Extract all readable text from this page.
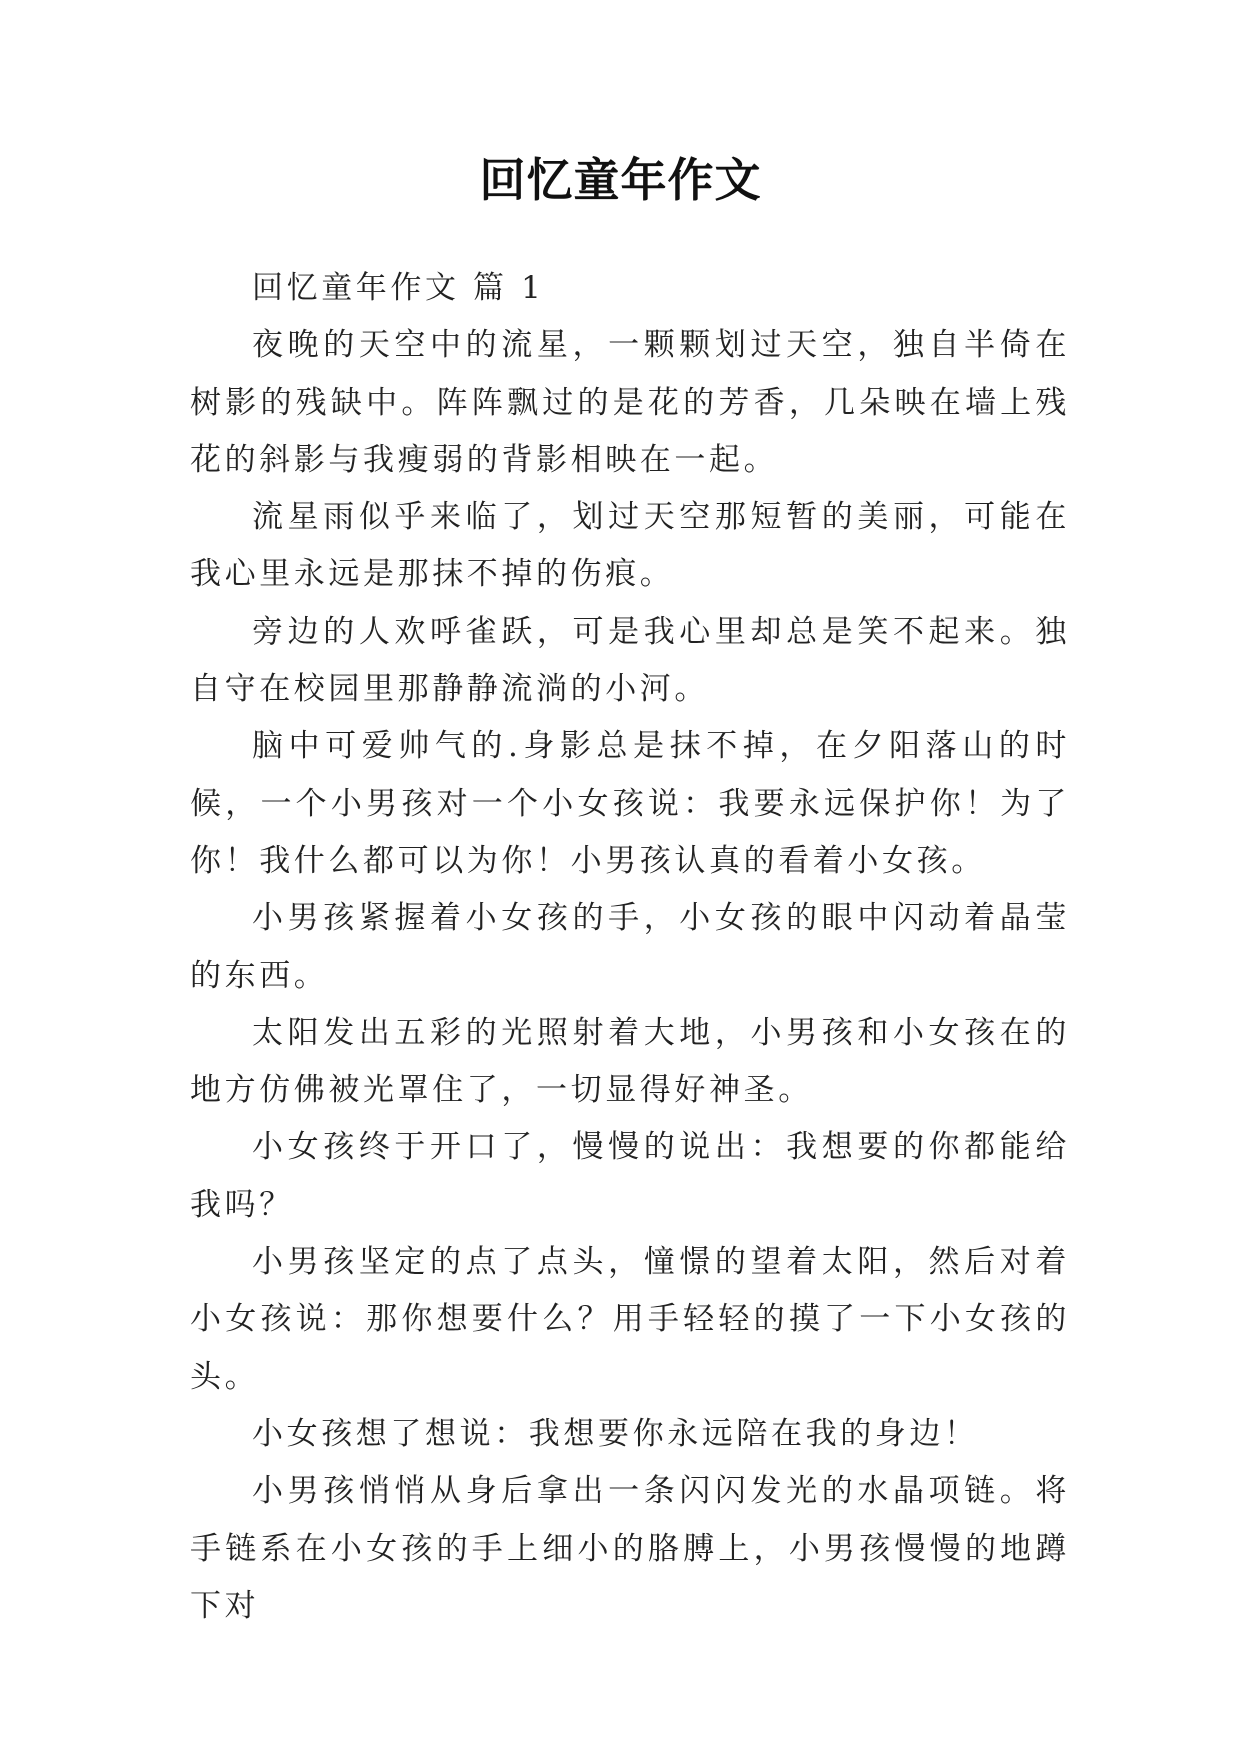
回忆童年作文

回忆童年作文 篇 1

夜晚的天空中的流星，一颗颗划过天空，独自半倚在树影的残缺中。阵阵飘过的是花的芳香，几朵映在墙上残花的斜影与我瘦弱的背影相映在一起。

流星雨似乎来临了，划过天空那短暂的美丽，可能在我心里永远是那抹不掉的伤痕。

旁边的人欢呼雀跃，可是我心里却总是笑不起来。独自守在校园里那静静流淌的小河。

脑中可爱帅气的.身影总是抹不掉，在夕阳落山的时候，一个小男孩对一个小女孩说：我要永远保护你！为了你！我什么都可以为你！小男孩认真的看着小女孩。

小男孩紧握着小女孩的手，小女孩的眼中闪动着晶莹的东西。

太阳发出五彩的光照射着大地，小男孩和小女孩在的地方仿佛被光罩住了，一切显得好神圣。

小女孩终于开口了，慢慢的说出：我想要的你都能给我吗？

小男孩坚定的点了点头，憧憬的望着太阳，然后对着小女孩说：那你想要什么？用手轻轻的摸了一下小女孩的头。

小女孩想了想说：我想要你永远陪在我的身边！

小男孩悄悄从身后拿出一条闪闪发光的水晶项链。将手链系在小女孩的手上细小的胳膊上，小男孩慢慢的地蹲下对
